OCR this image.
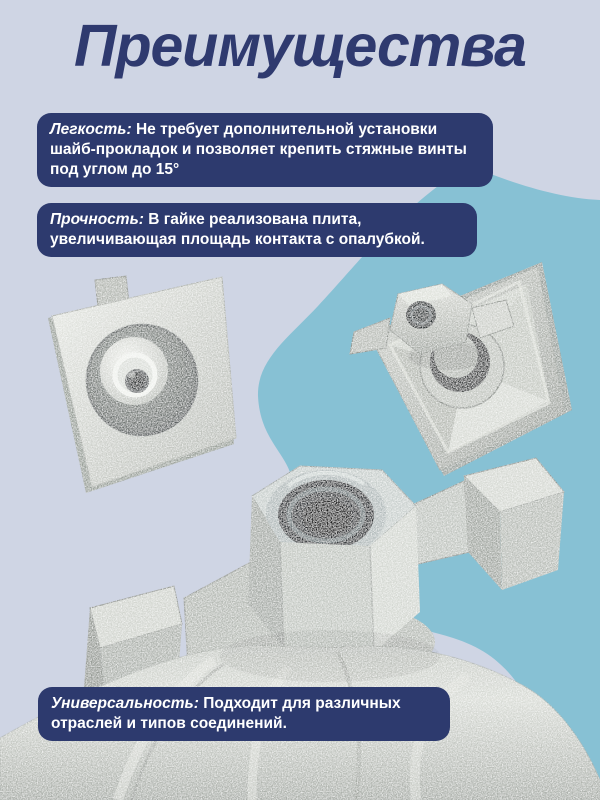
Преимущества
Легкость: Не требует дополнительной установки шайб-прокладок и позволяет крепить стяжные винты под углом до 15°
Прочность: В гайке реализована плита, увеличивающая площадь контакта с опалубкой.
Универсальность: Подходит для различных отраслей и типов соединений.
